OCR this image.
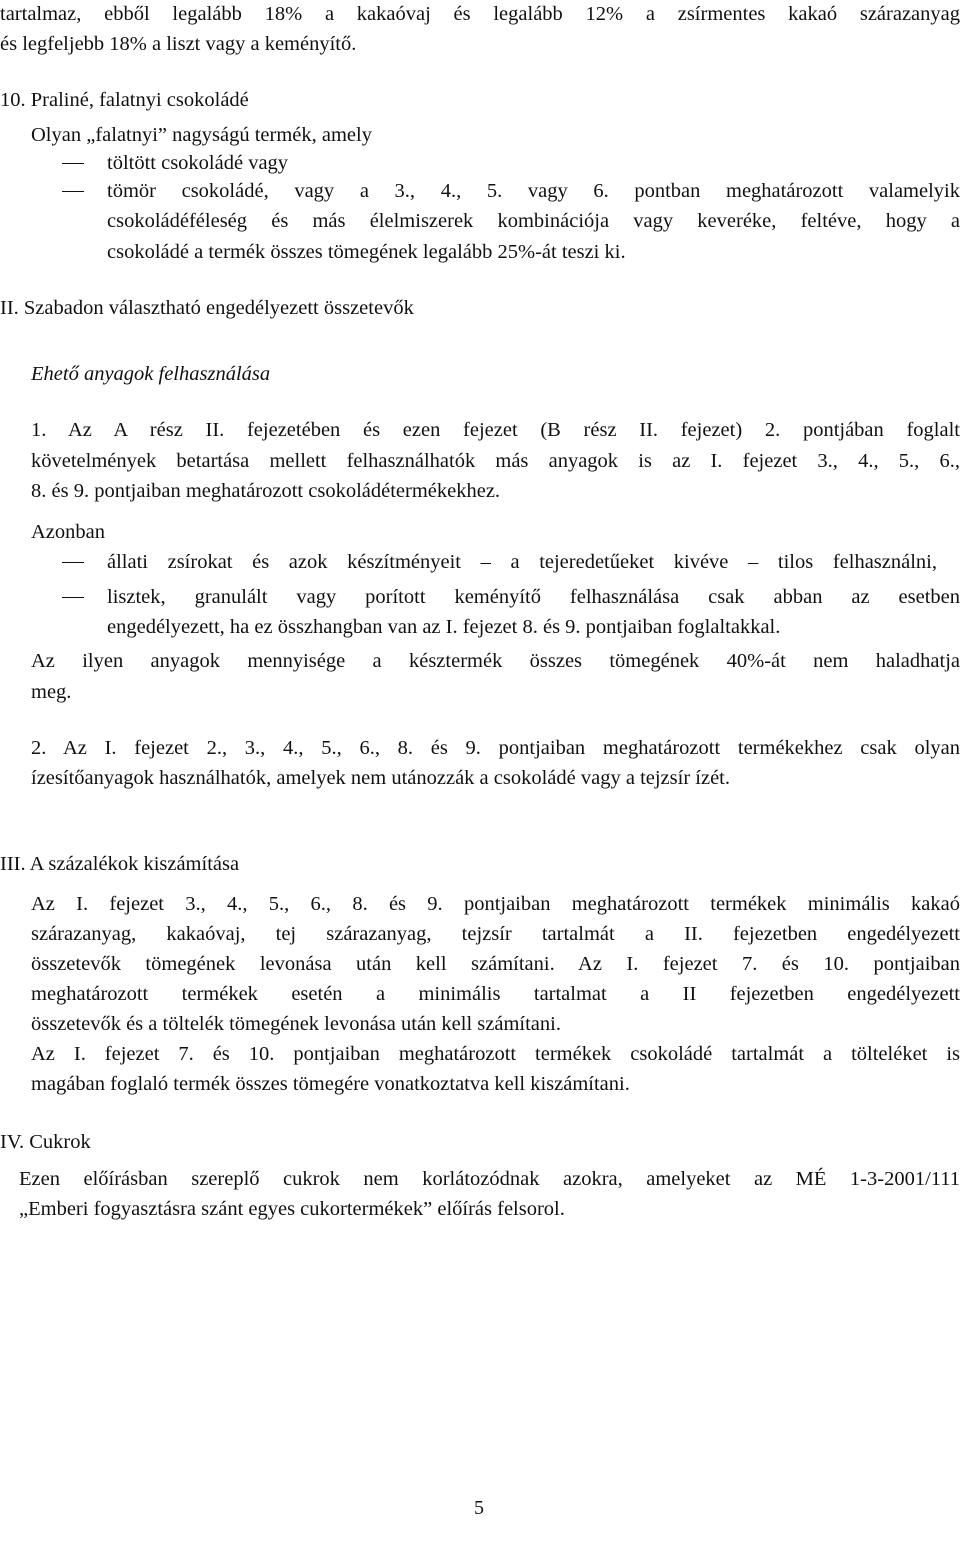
tartalmaz, ebből legalább 18% a kakaóvaj és legalább 12% a zsírmentes kakaó szárazanyag
és legfeljebb 18% a liszt vagy a keményítő.
10. Praliné, falatnyi csokoládé
Olyan „falatnyi” nagyságú termék, amely
töltött csokoládé vagy
tömör csokoládé, vagy a 3., 4., 5. vagy 6. pontban meghatározott valamelyik
csokoládéféleség és más élelmiszerek kombinációja vagy keveréke, feltéve, hogy a
csokoládé a termék összes tömegének legalább 25%-át teszi ki.
II. Szabadon választható engedélyezett összetevők
Ehető anyagok felhasználása
1. Az A rész II. fejezetében és ezen fejezet (B rész II. fejezet) 2. pontjában foglalt
követelmények betartása mellett felhasználhatók más anyagok is az I. fejezet 3., 4., 5., 6.,
8. és 9. pontjaiban meghatározott csokoládétermékekhez.
Azonban
állati zsírokat és azok készítményeit – a tejeredetűeket kivéve – tilos felhasználni,
lisztek, granulált vagy porított keményítő felhasználása csak abban az esetben
engedélyezett, ha ez összhangban van az I. fejezet 8. és 9. pontjaiban foglaltakkal.
Az ilyen anyagok mennyisége a késztermék összes tömegének 40%-át nem haladhatja
meg.
2. Az I. fejezet 2., 3., 4., 5., 6., 8. és 9. pontjaiban meghatározott termékekhez csak olyan
ízesítőanyagok használhatók, amelyek nem utánozzák a csokoládé vagy a tejzsír ízét.
III. A százalékok kiszámítása
Az I. fejezet 3., 4., 5., 6., 8. és 9. pontjaiban meghatározott termékek minimális kakaó
szárazanyag, kakaóvaj, tej szárazanyag, tejzsír tartalmát a II. fejezetben engedélyezett
összetevők tömegének levonása után kell számítani. Az I. fejezet 7. és 10. pontjaiban
meghatározott termékek esetén a minimális tartalmat a II fejezetben engedélyezett
összetevők és a töltelék tömegének levonása után kell számítani.
Az I. fejezet 7. és 10. pontjaiban meghatározott termékek csokoládé tartalmát a tölteléket is
magában foglaló termék összes tömegére vonatkoztatva kell kiszámítani.
IV. Cukrok
Ezen előírásban szereplő cukrok nem korlátozódnak azokra, amelyeket az MÉ 1-3-2001/111
„Emberi fogyasztásra szánt egyes cukortermékek” előírás felsorol.
5
